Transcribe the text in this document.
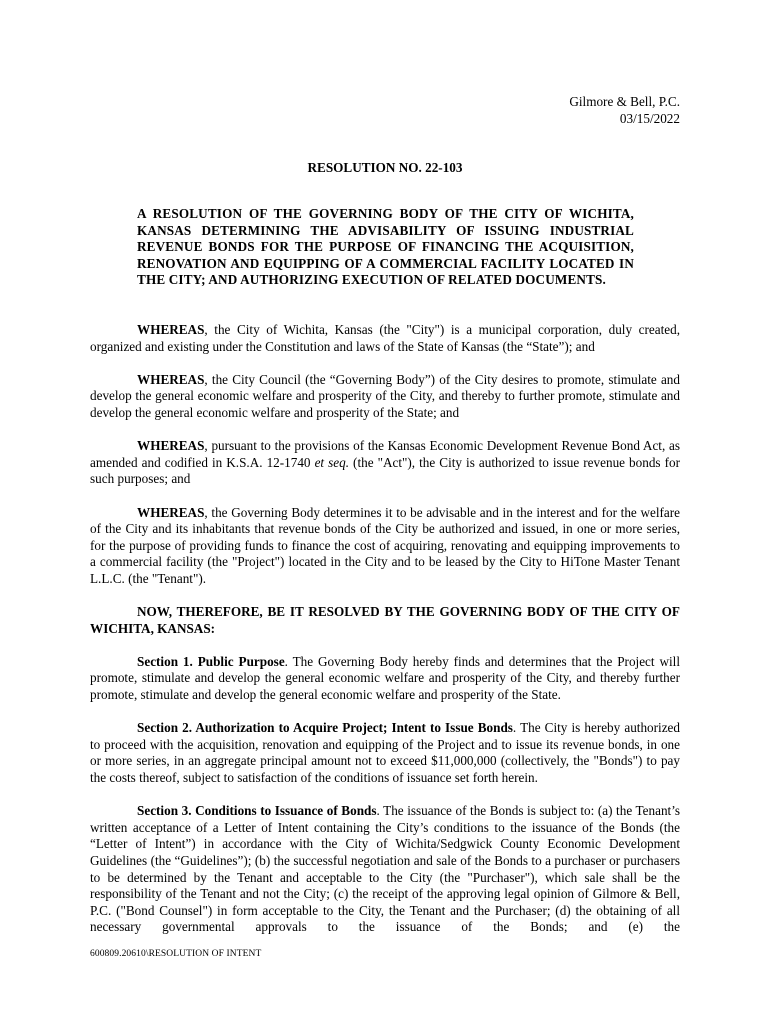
Gilmore & Bell, P.C.
03/15/2022
RESOLUTION NO. 22-103
A RESOLUTION OF THE GOVERNING BODY OF THE CITY OF WICHITA, KANSAS DETERMINING THE ADVISABILITY OF ISSUING INDUSTRIAL REVENUE BONDS FOR THE PURPOSE OF FINANCING THE ACQUISITION, RENOVATION AND EQUIPPING OF A COMMERCIAL FACILITY LOCATED IN THE CITY; AND AUTHORIZING EXECUTION OF RELATED DOCUMENTS.

WHEREAS, the City of Wichita, Kansas (the "City") is a municipal corporation, duly created, organized and existing under the Constitution and laws of the State of Kansas (the “State”); and

WHEREAS, the City Council (the “Governing Body”) of the City desires to promote, stimulate and develop the general economic welfare and prosperity of the City, and thereby to further promote, stimulate and develop the general economic welfare and prosperity of the State; and

WHEREAS, pursuant to the provisions of the Kansas Economic Development Revenue Bond Act, as amended and codified in K.S.A. 12-1740 et seq. (the "Act"), the City is authorized to issue revenue bonds for such purposes; and

WHEREAS, the Governing Body determines it to be advisable and in the interest and for the welfare of the City and its inhabitants that revenue bonds of the City be authorized and issued, in one or more series, for the purpose of providing funds to finance the cost of acquiring, renovating and equipping improvements to a commercial facility (the "Project") located in the City and to be leased by the City to HiTone Master Tenant L.L.C. (the "Tenant").

NOW, THEREFORE, BE IT RESOLVED BY THE GOVERNING BODY OF THE CITY OF WICHITA, KANSAS:

Section 1. Public Purpose. The Governing Body hereby finds and determines that the Project will promote, stimulate and develop the general economic welfare and prosperity of the City, and thereby further promote, stimulate and develop the general economic welfare and prosperity of the State.

Section 2. Authorization to Acquire Project; Intent to Issue Bonds. The City is hereby authorized to proceed with the acquisition, renovation and equipping of the Project and to issue its revenue bonds, in one or more series, in an aggregate principal amount not to exceed $11,000,000 (collectively, the "Bonds") to pay the costs thereof, subject to satisfaction of the conditions of issuance set forth herein.

Section 3. Conditions to Issuance of Bonds. The issuance of the Bonds is subject to: (a) the Tenant’s written acceptance of a Letter of Intent containing the City’s conditions to the issuance of the Bonds (the “Letter of Intent”) in accordance with the City of Wichita/Sedgwick County Economic Development Guidelines (the “Guidelines”); (b) the successful negotiation and sale of the Bonds to a purchaser or purchasers to be determined by the Tenant and acceptable to the City (the "Purchaser"), which sale shall be the responsibility of the Tenant and not the City; (c) the receipt of the approving legal opinion of Gilmore & Bell, P.C. ("Bond Counsel") in form acceptable to the City, the Tenant and the Purchaser; (d) the obtaining of all necessary governmental approvals to the issuance of the Bonds; and (e) the

600809.20610\RESOLUTION OF INTENT
